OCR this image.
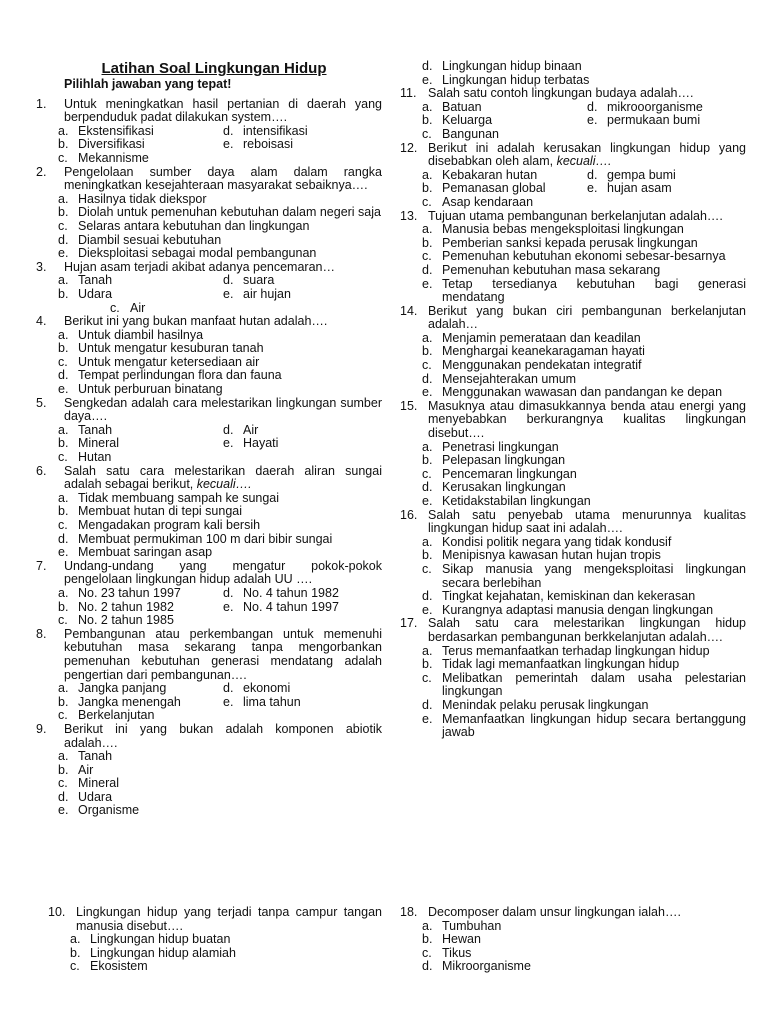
Latihan Soal Lingkungan Hidup
Pilihlah jawaban yang tepat!
1.	Untuk meningkatkan hasil pertanian di daerah yang berpenduduk padat dilakukan system….
a. Ekstensifikasi	d. intensifikasi
b. Diversifikasi	e. reboisasi
c. Mekannisme
2.	Pengelolaan sumber daya alam dalam rangka meningkatkan kesejahteraan masyarakat sebaiknya….
a. Hasilnya tidak diekspor
b. Diolah untuk pemenuhan kebutuhan dalam negeri saja
c. Selaras antara kebutuhan dan lingkungan
d. Diambil sesuai kebutuhan
e. Dieksploitasi sebagai modal pembangunan
3.	Hujan asam terjadi akibat adanya pencemaran…
a. Tanah	d. suara
b. Udara	e. air hujan
c. Air
4.	Berikut ini yang bukan manfaat hutan adalah….
a. Untuk diambil hasilnya
b. Untuk mengatur kesuburan tanah
c. Untuk mengatur ketersediaan air
d. Tempat perlindungan flora dan fauna
e. Untuk perburuan binatang
5.	Sengkedan adalah cara melestarikan lingkungan sumber daya….
a. Tanah	d. Air
b. Mineral	e. Hayati
c. Hutan
6.	Salah satu cara melestarikan daerah aliran sungai adalah sebagai berikut, kecuali….
a. Tidak membuang sampah ke sungai
b. Membuat hutan di tepi sungai
c. Mengadakan program kali bersih
d. Membuat permukiman 100 m dari bibir sungai
e. Membuat saringan asap
7.	Undang-undang yang mengatur pokok-pokok pengelolaan lingkungan hidup adalah UU ….
a. No. 23 tahun 1997	d. No. 4 tahun 1982
b. No. 2 tahun 1982	e. No. 4 tahun 1997
c. No. 2 tahun 1985
8.	Pembangunan atau perkembangan untuk memenuhi kebutuhan masa sekarang tanpa mengorbankan pemenuhan kebutuhan generasi mendatang adalah pengertian dari pembangunan….
a. Jangka panjang	d. ekonomi
b. Jangka menengah	e. lima tahun
c. Berkelanjutan
9.	Berikut ini yang bukan adalah komponen abiotik adalah….
a. Tanah
b. Air
c. Mineral
d. Udara
e. Organisme
d. Lingkungan hidup binaan
e. Lingkungan hidup terbatas
11. Salah satu contoh lingkungan budaya adalah….
a. Batuan	d. mikrooorganisme
b. Keluarga	e. permukaan bumi
c. Bangunan
12. Berikut ini adalah kerusakan lingkungan hidup yang disebabkan oleh alam, kecuali….
a. Kebakaran hutan	d. gempa bumi
b. Pemanasan global	e. hujan asam
c. Asap kendaraan
13. Tujuan utama pembangunan berkelanjutan adalah….
a. Manusia bebas mengeksploitasi lingkungan
b. Pemberian sanksi kepada perusak lingkungan
c. Pemenuhan kebutuhan ekonomi sebesar-besarnya
d. Pemenuhan kebutuhan masa sekarang
e. Tetap tersedianya kebutuhan bagi generasi mendatang
14. Berikut yang bukan ciri pembangunan berkelanjutan adalah…
a. Menjamin pemerataan dan keadilan
b. Menghargai keanekaragaman hayati
c. Menggunakan pendekatan integratif
d. Mensejahterakan umum
e. Menggunakan wawasan dan pandangan ke depan
15. Masuknya atau dimasukkannya benda atau energi yang menyebabkan berkurangnya kualitas lingkungan disebut….
a. Penetrasi lingkungan
b. Pelepasan lingkungan
c. Pencemaran lingkungan
d. Kerusakan lingkungan
e. Ketidakstabilan lingkungan
16. Salah satu penyebab utama menurunnya kualitas lingkungan hidup saat ini adalah….
a. Kondisi politik negara yang tidak kondusif
b. Menipisnya kawasan hutan hujan tropis
c. Sikap manusia yang mengeksploitasi lingkungan secara berlebihan
d. Tingkat kejahatan, kemiskinan dan kekerasan
e. Kurangnya adaptasi manusia dengan lingkungan
17. Salah satu cara melestarikan lingkungan hidup berdasarkan pembangunan berkkelanjutan adalah….
a. Terus memanfaatkan terhadap lingkungan hidup
b. Tidak lagi memanfaatkan lingkungan hidup
c. Melibatkan pemerintah dalam usaha pelestarian lingkungan
d. Menindak pelaku perusak lingkungan
e. Memanfaatkan lingkungan hidup secara bertanggung jawab
10. Lingkungan hidup yang terjadi tanpa campur tangan manusia disebut….
a. Lingkungan hidup buatan
b. Lingkungan hidup alamiah
c. Ekosistem
18. Decomposer dalam unsur lingkungan ialah….
a. Tumbuhan
b. Hewan
c. Tikus
d. Mikroorganisme
